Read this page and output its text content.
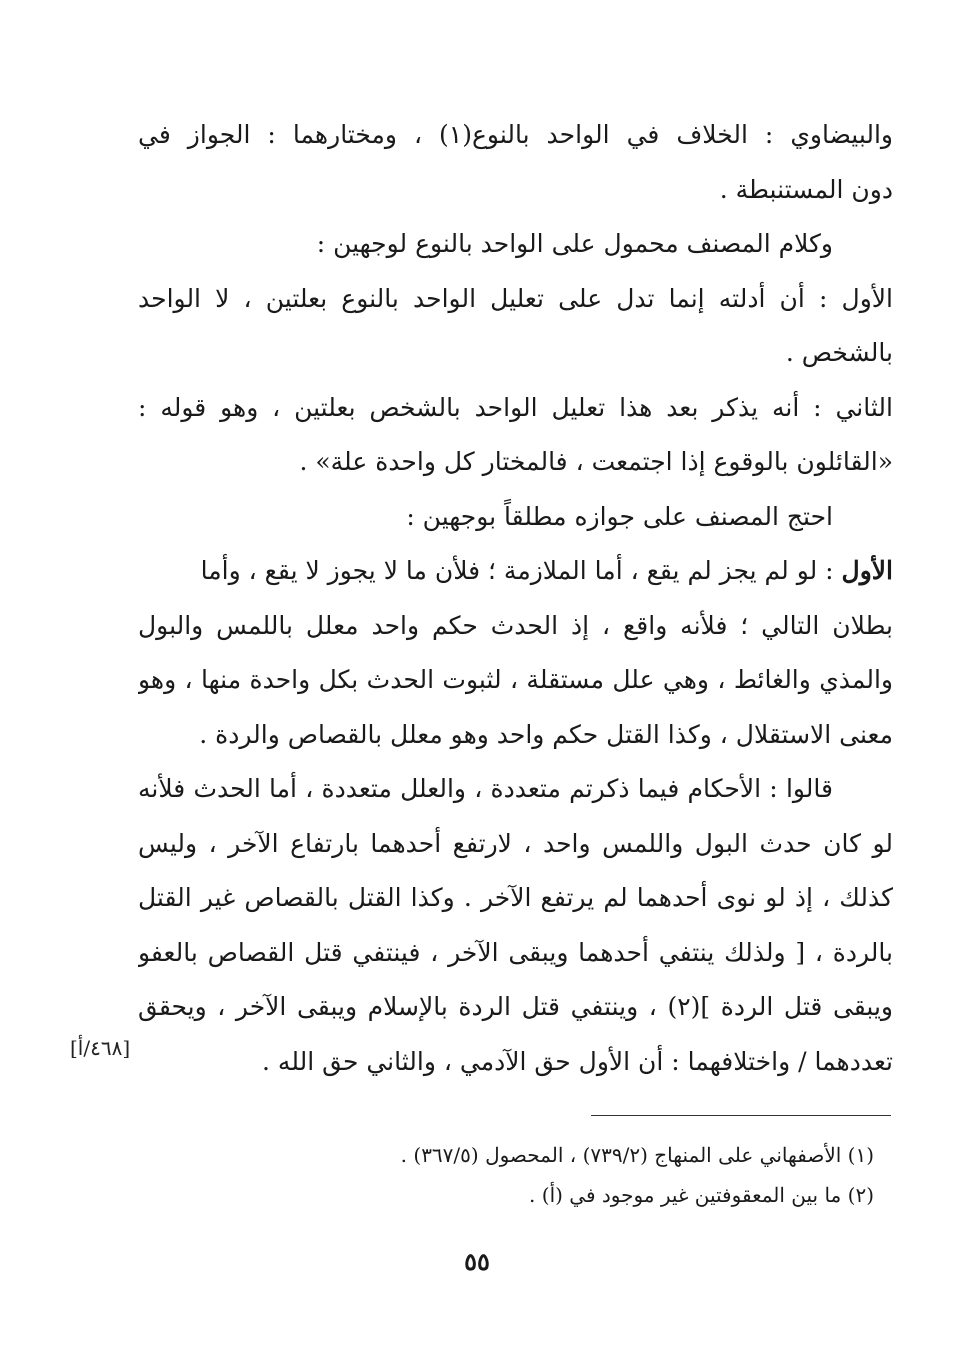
والبيضاوي : الخلاف في الواحد بالنوع(١) ، ومختارهما : الجواز في
دون المستنبطة .
وكلام المصنف محمول على الواحد بالنوع لوجهين :
الأول : أن أدلته إنما تدل على تعليل الواحد بالنوع بعلتين ، لا الواحد
بالشخص .
الثاني : أنه يذكر بعد هذا تعليل الواحد بالشخص بعلتين ، وهو قوله :
«القائلون بالوقوع إذا اجتمعت ، فالمختار كل واحدة علة» .
احتج المصنف على جوازه مطلقاً بوجهين :
الأول : لو لم يجز لم يقع ، أما الملازمة ؛ فلأن ما لا يجوز لا يقع ، وأما
بطلان التالي ؛ فلأنه واقع ، إذ الحدث حكم واحد معلل باللمس والبول
والمذي والغائط ، وهي علل مستقلة ، لثبوت الحدث بكل واحدة منها ، وهو
معنى الاستقلال ، وكذا القتل حكم واحد وهو معلل بالقصاص والردة .
قالوا : الأحكام فيما ذكرتم متعددة ، والعلل متعددة ، أما الحدث فلأنه
لو كان حدث البول واللمس واحد ، لارتفع أحدهما بارتفاع الآخر ، وليس
كذلك ، إذ لو نوى أحدهما لم يرتفع الآخر . وكذا القتل بالقصاص غير القتل
بالردة ، [ ولذلك ينتفي أحدهما ويبقى الآخر ، فينتفي قتل القصاص بالعفو
ويبقى قتل الردة ](٢) ، وينتفي قتل الردة بالإسلام ويبقى الآخر ، ويحقق
تعددهما / واختلافهما : أن الأول حق الآدمي ، والثاني حق الله .
[٤٦٨/أ]
(١) الأصفهاني على المنهاج (٧٣٩/٢) ، المحصول (٣٦٧/٥) .
(٢) ما بين المعقوفتين غير موجود في (أ) .
٥٥
